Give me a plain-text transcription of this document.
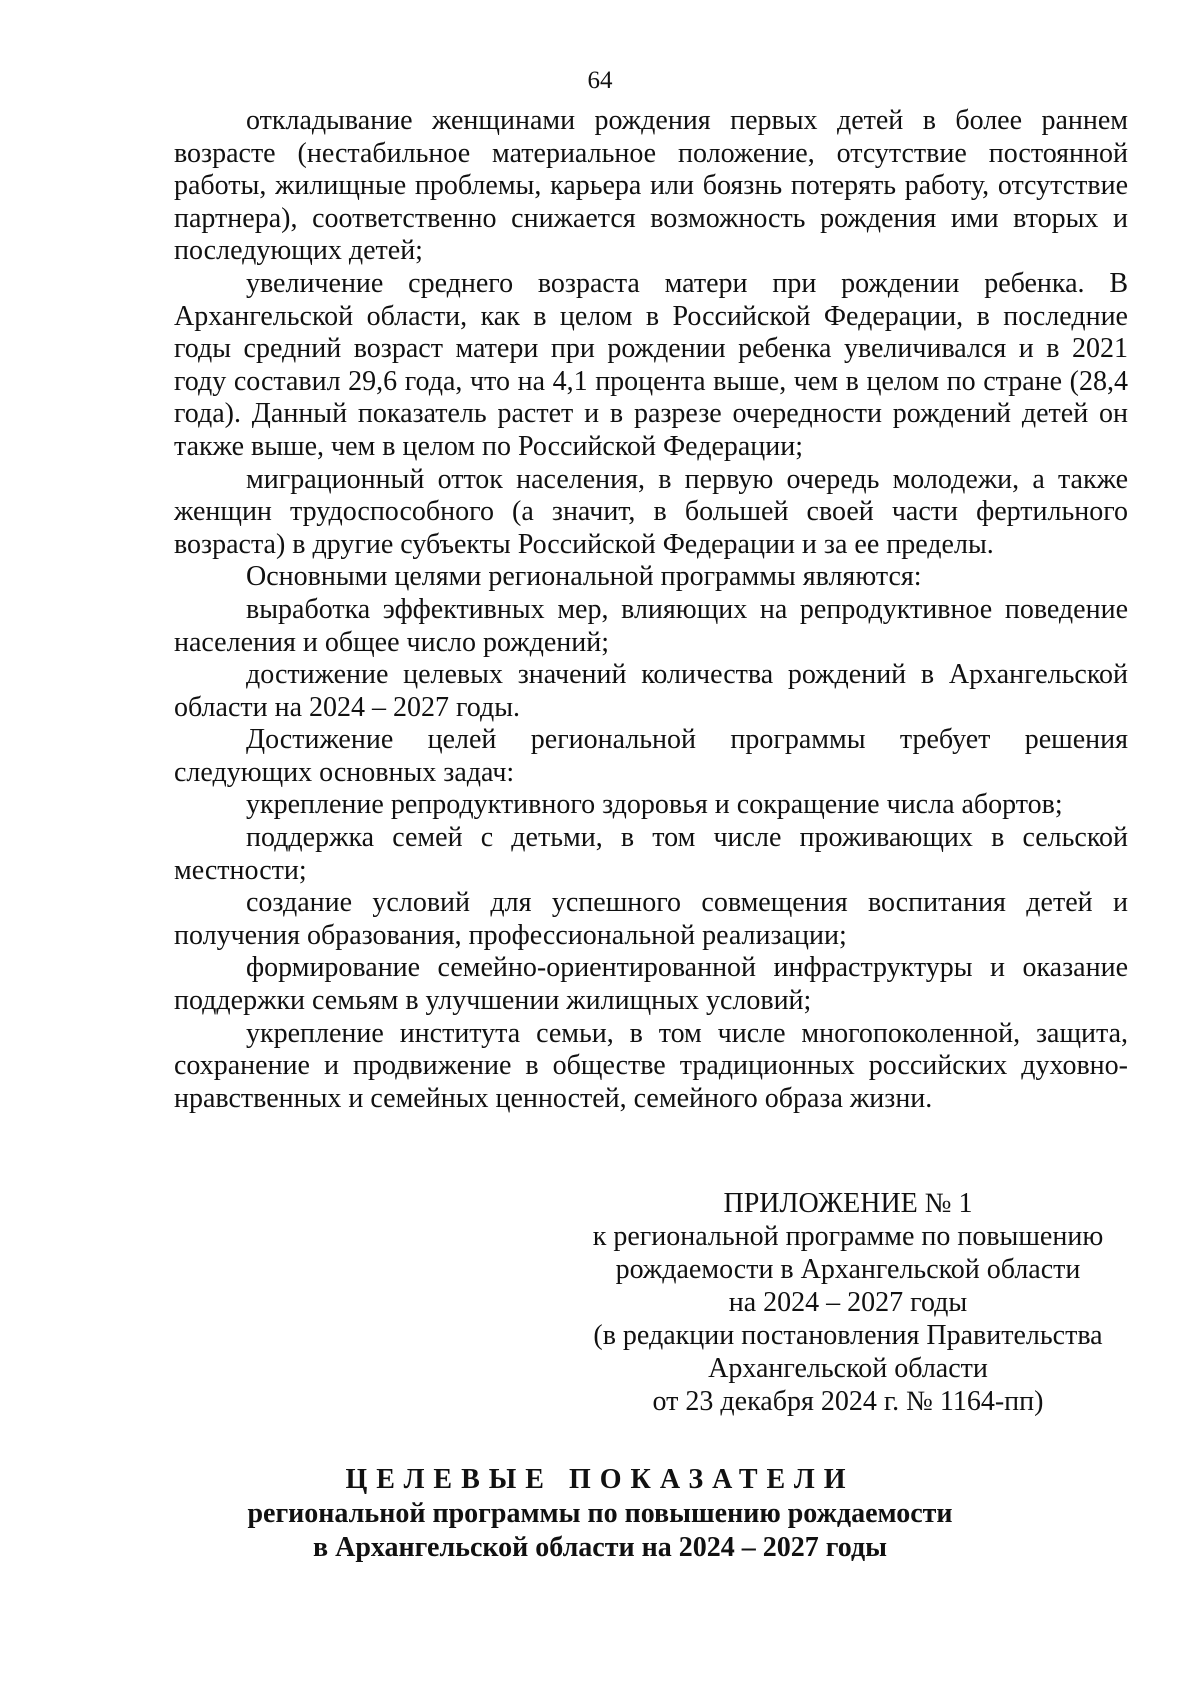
64

откладывание женщинами рождения первых детей в более раннем возрасте (нестабильное материальное положение, отсутствие постоянной работы, жилищные проблемы, карьера или боязнь потерять работу, отсутствие партнера), соответственно снижается возможность рождения ими вторых и последующих детей;

увеличение среднего возраста матери при рождении ребенка. В Архангельской области, как в целом в Российской Федерации, в последние годы средний возраст матери при рождении ребенка увеличивался и в 2021 году составил 29,6 года, что на 4,1 процента выше, чем в целом по стране (28,4 года). Данный показатель растет и в разрезе очередности рождений детей он также выше, чем в целом по Российской Федерации;

миграционный отток населения, в первую очередь молодежи, а также женщин трудоспособного (а значит, в большей своей части фертильного возраста) в другие субъекты Российской Федерации и за ее пределы.

Основными целями региональной программы являются:

выработка эффективных мер, влияющих на репродуктивное поведение населения и общее число рождений;

достижение целевых значений количества рождений в Архангельской области на 2024 – 2027 годы.

Достижение целей региональной программы требует решения следующих основных задач:

укрепление репродуктивного здоровья и сокращение числа абортов;

поддержка семей с детьми, в том числе проживающих в сельской местности;

создание условий для успешного совмещения воспитания детей и получения образования, профессиональной реализации;

формирование семейно-ориентированной инфраструктуры и оказание поддержки семьям в улучшении жилищных условий;

укрепление института семьи, в том числе многопоколенной, защита, сохранение и продвижение в обществе традиционных российских духовно-нравственных и семейных ценностей, семейного образа жизни.

ПРИЛОЖЕНИЕ № 1
к региональной программе по повышению
рождаемости в Архангельской области
на 2024 – 2027 годы
(в редакции постановления Правительства
Архангельской области
от 23 декабря 2024 г. № 1164-пп)
ЦЕЛЕВЫЕ ПОКАЗАТЕЛИ
региональной программы по повышению рождаемости
в Архангельской области на 2024 – 2027 годы
